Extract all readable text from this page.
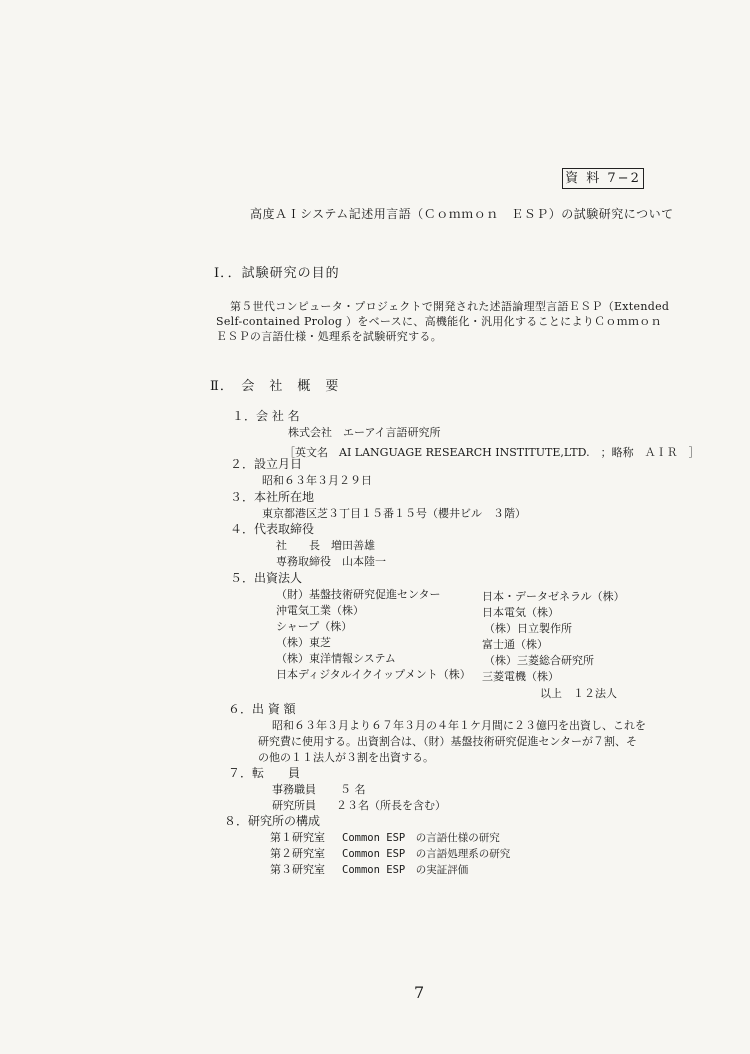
資 料 7−2
高度ＡＩシステム記述用言語（Ｃｏｍｍｏｎ　ＥＳＰ）の試験研究について
Ⅰ．．試験研究の目的
第５世代コンピュータ・プロジェクトで開発された述語論理型言語ＥＳＰ（Extended
Self-contained Prolog ）をベースに、高機能化・汎用化することによりＣｏｍｍｏｎ
ＥＳＰの言語仕様・処理系を試験研究する。
Ⅱ．　会　社　概　要
１．会 社 名
株式会社　エーアイ言語研究所
［英文名　AI LANGUAGE RESEARCH INSTITUTE,LTD.　；略称　ＡＩＲ　］
２．設立月日
昭和６３年３月２９日
３．本社所在地
東京都港区芝３丁目１５番１５号（櫻井ビル　３階）
４．代表取締役
社　　長　増田善雄
専務取締役　山本陸一
５．出資法人
（財）基盤技術研究促進センター
沖電気工業（株）
シャープ（株）
（株）東芝
（株）東洋情報システム
日本ディジタルイクイップメント（株）
日本・データゼネラル（株）
日本電気（株）
（株）日立製作所
富士通（株）
（株）三菱総合研究所
三菱電機（株）
以上　１２法人
６．出 資 額
昭和６３年３月より６７年３月の４年１ケ月間に２３億円を出資し、これを
研究費に使用する。出資割合は、（財）基盤技術研究促進センターが７割、そ
の他の１１法人が３割を出資する。
７．転　　員
事務職員 ５ 名
研究所員 ２３名（所長を含む）
８．研究所の構成
第１研究室 Common ESP　の言語仕様の研究
第２研究室 Common ESP　の言語処理系の研究
第３研究室 Common ESP　の実証評価
7
